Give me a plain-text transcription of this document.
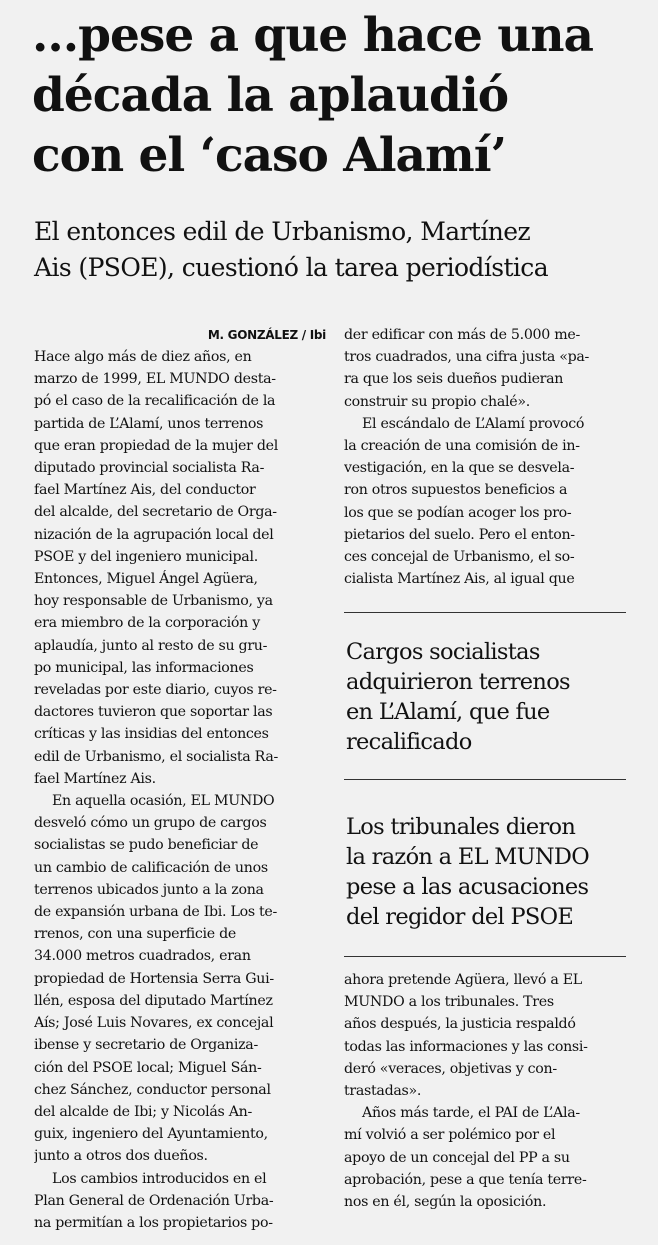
...pese a que hace una
década la aplaudió
con el ‘caso Alamí’
El entonces edil de Urbanismo, Martínez
Ais (PSOE), cuestionó la tarea periodística
M. GONZÁLEZ / Ibi
Hace algo más de diez años, en
marzo de 1999, EL MUNDO desta-
pó el caso de la recalificación de la
partida de L’Alamí, unos terrenos
que eran propiedad de la mujer del
diputado provincial socialista Ra-
fael Martínez Ais, del conductor
del alcalde, del secretario de Orga-
nización de la agrupación local del
PSOE y del ingeniero municipal.
Entonces, Miguel Ángel Agüera,
hoy responsable de Urbanismo, ya
era miembro de la corporación y
aplaudía, junto al resto de su gru-
po municipal, las informaciones
reveladas por este diario, cuyos re-
dactores tuvieron que soportar las
críticas y las insidias del entonces
edil de Urbanismo, el socialista Ra-
fael Martínez Ais.
En aquella ocasión, EL MUNDO
desveló cómo un grupo de cargos
socialistas se pudo beneficiar de
un cambio de calificación de unos
terrenos ubicados junto a la zona
de expansión urbana de Ibi. Los te-
rrenos, con una superficie de
34.000 metros cuadrados, eran
propiedad de Hortensia Serra Gui-
llén, esposa del diputado Martínez
Aís; José Luis Novares, ex concejal
ibense y secretario de Organiza-
ción del PSOE local; Miguel Sán-
chez Sánchez, conductor personal
del alcalde de Ibi; y Nicolás An-
guix, ingeniero del Ayuntamiento,
junto a otros dos dueños.
Los cambios introducidos en el
Plan General de Ordenación Urba-
na permitían a los propietarios po-
der edificar con más de 5.000 me-
tros cuadrados, una cifra justa «pa-
ra que los seis dueños pudieran
construir su propio chalé».
El escándalo de L’Alamí provocó
la creación de una comisión de in-
vestigación, en la que se desvela-
ron otros supuestos beneficios a
los que se podían acoger los pro-
pietarios del suelo. Pero el enton-
ces concejal de Urbanismo, el so-
cialista Martínez Ais, al igual que
Cargos socialistas
adquirieron terrenos
en L’Alamí, que fue
recalificado
Los tribunales dieron
la razón a EL MUNDO
pese a las acusaciones
del regidor del PSOE
ahora pretende Agüera, llevó a EL
MUNDO a los tribunales. Tres
años después, la justicia respaldó
todas las informaciones y las consi-
deró «veraces, objetivas y con-
trastadas».
Años más tarde, el PAI de L’Ala-
mí volvió a ser polémico por el
apoyo de un concejal del PP a su
aprobación, pese a que tenía terre-
nos en él, según la oposición.
